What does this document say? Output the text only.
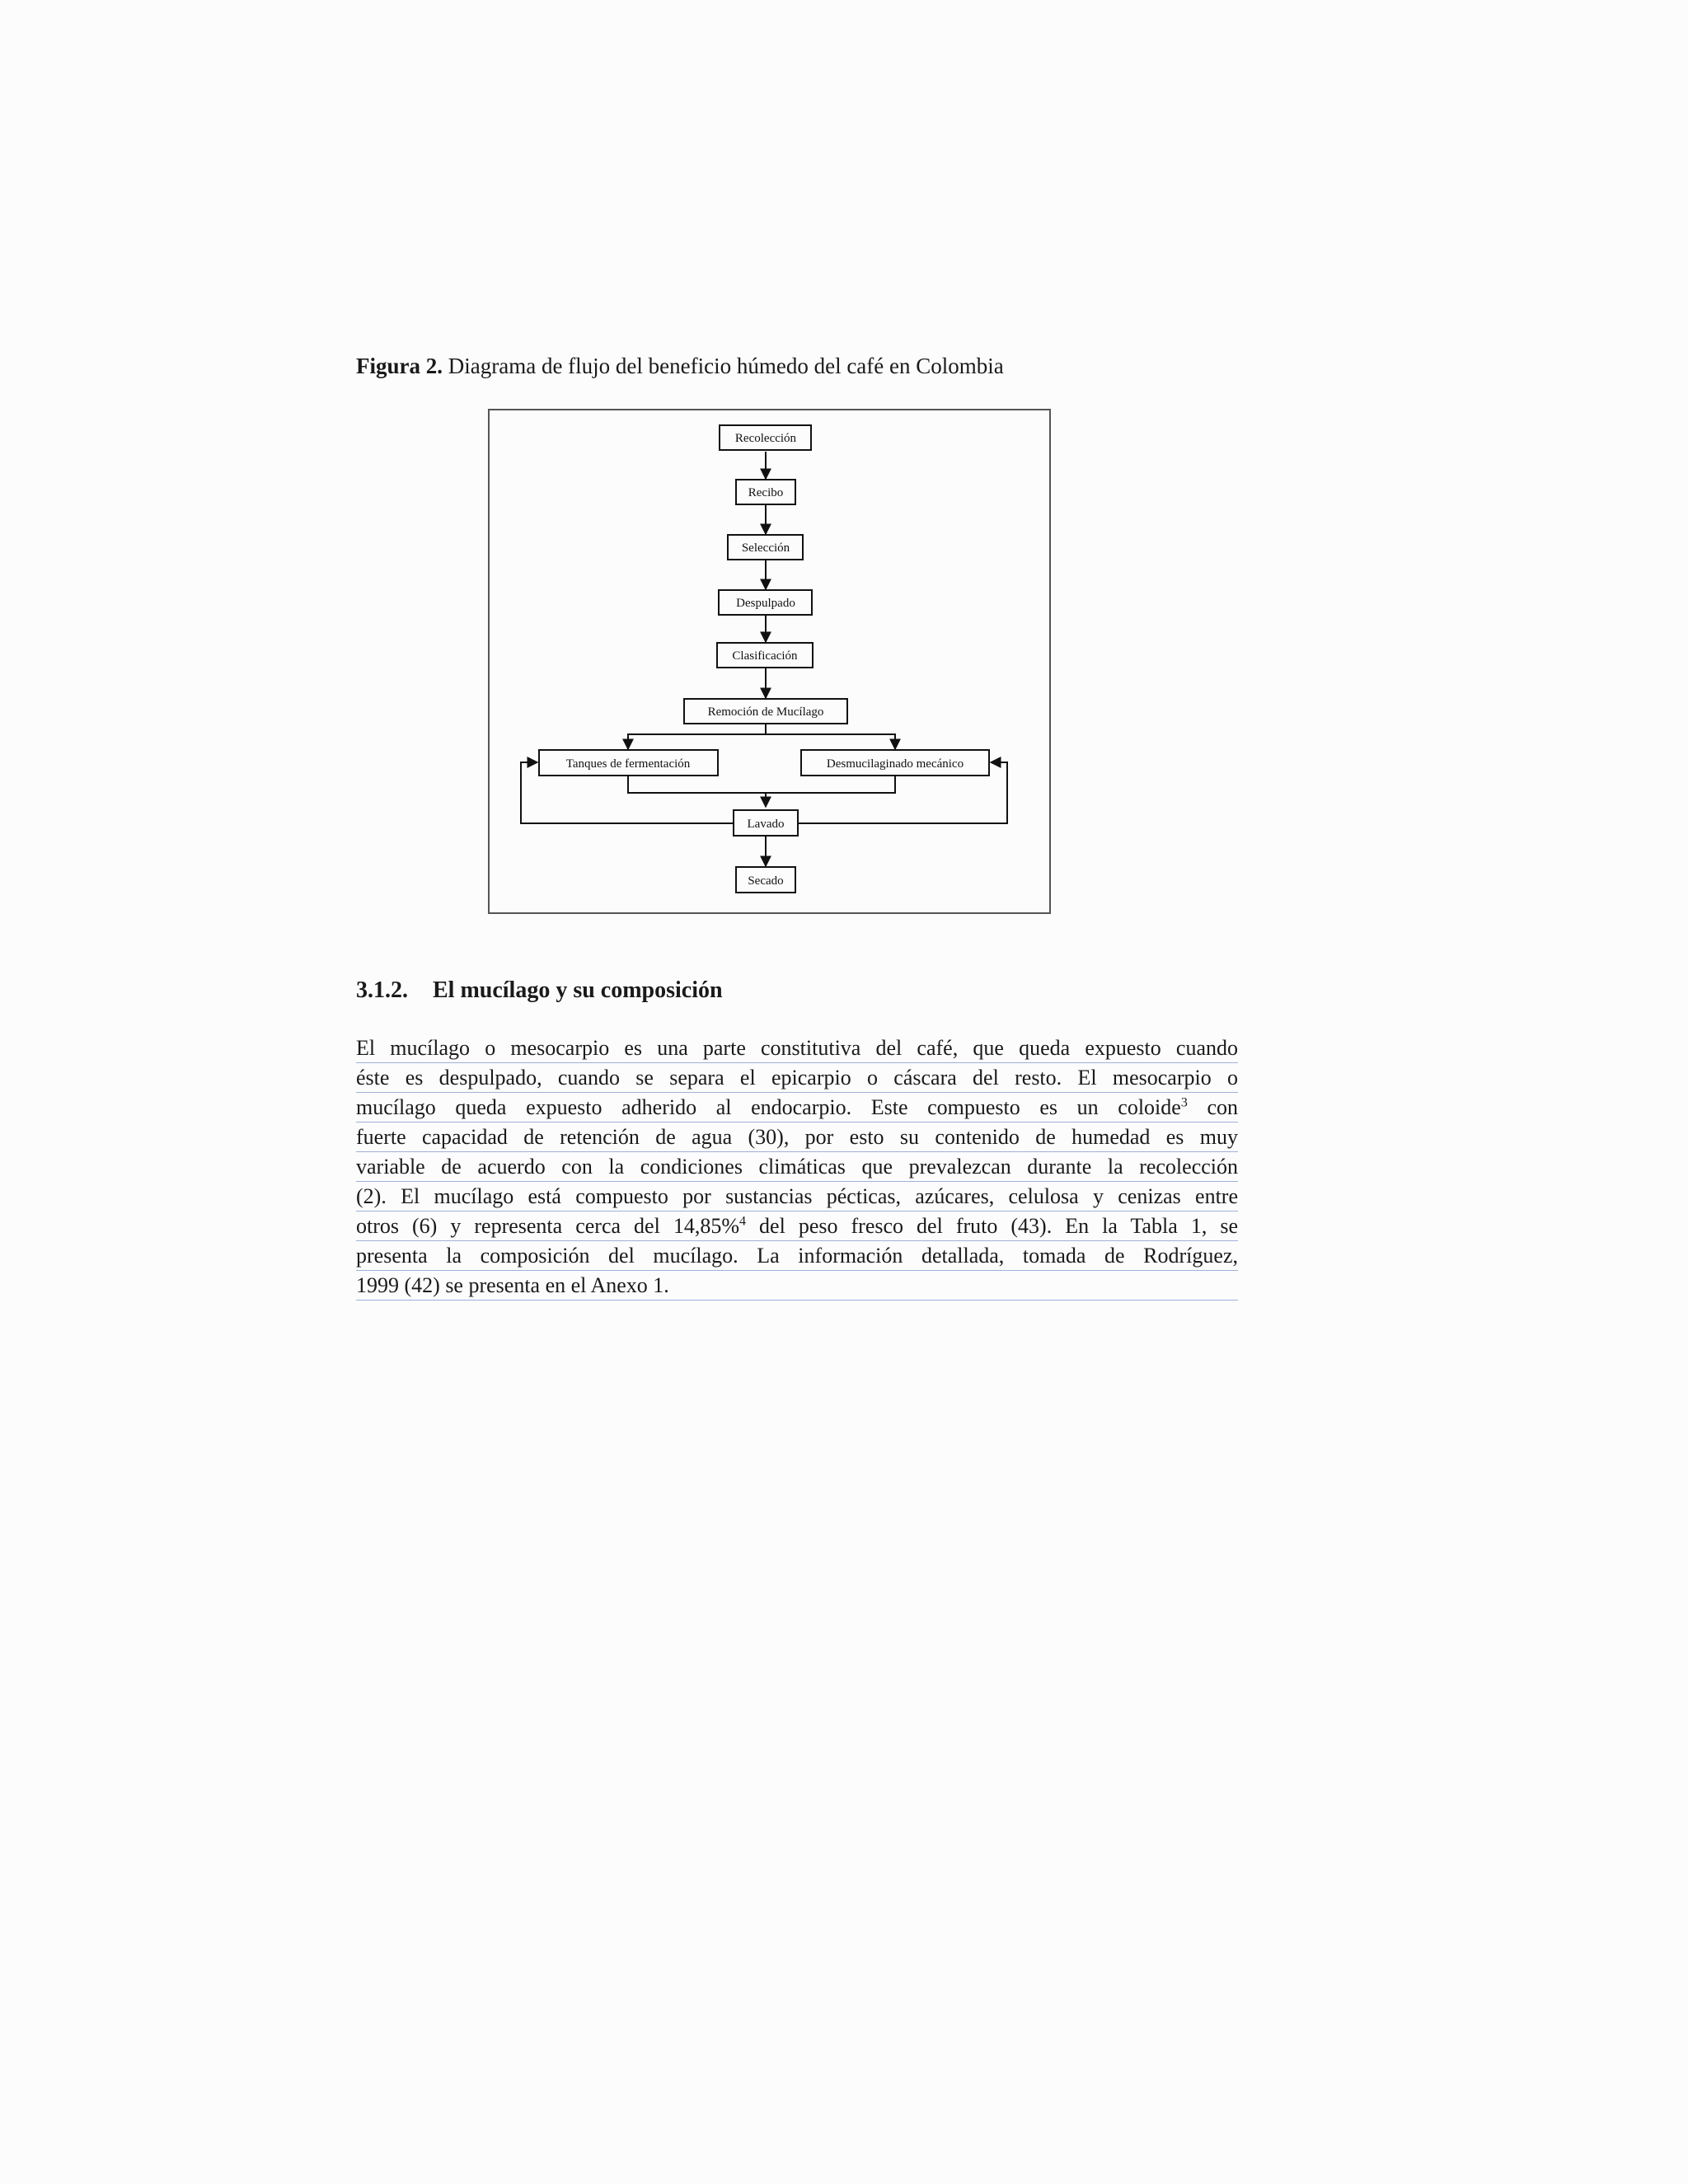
Figura 2. Diagrama de flujo del beneficio húmedo del café en Colombia
Recolección
Recibo
Selección
Despulpado
Clasificación
Remoción de Mucílago
Tanques de fermentación	Desmucilaginado mecánico
Lavado
Secado
3.1.2. El mucílago y su composición
El mucílago o mesocarpio es una parte constitutiva del café, que queda expuesto cuando
éste es despulpado, cuando se separa el epicarpio o cáscara del resto. El mesocarpio o
mucílago queda expuesto adherido al endocarpio. Este compuesto es un coloide$^3$ con
fuerte capacidad de retención de agua (30), por esto su contenido de humedad es muy
variable de acuerdo con la condiciones climáticas que prevalezcan durante la recolección
(2). El mucílago está compuesto por sustancias pécticas, azúcares, celulosa y cenizas entre
otros (6) y representa cerca del 14,85%$^4$ del peso fresco del fruto (43). En la Tabla 1, se
presenta la composición del mucílago. La información detallada, tomada de Rodríguez,
1999 (42) se presenta en el Anexo 1.
